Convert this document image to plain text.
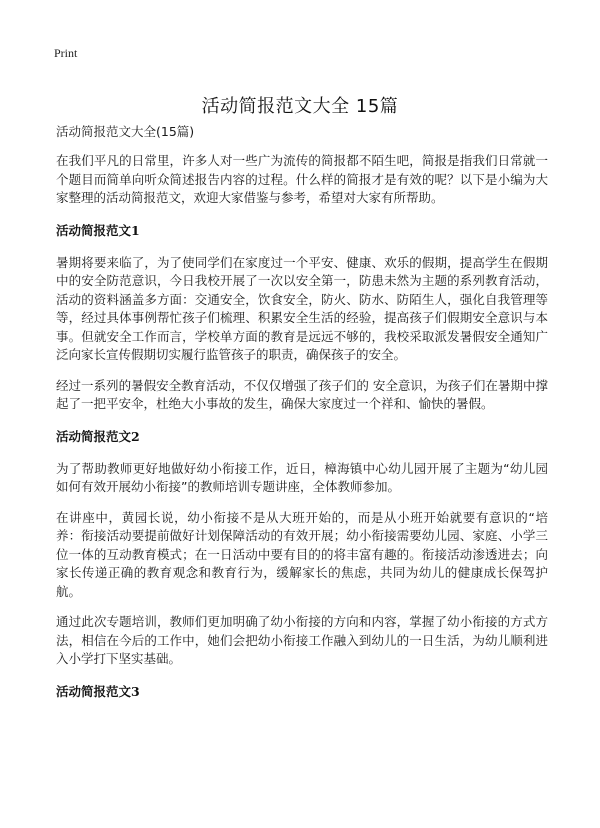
Print
活动简报范文大全 15篇

活动简报范文大全(15篇)

在我们平凡的日常里，许多人对一些广为流传的简报都不陌生吧，简报是指我们日常就一个题目而简单向听众简述报告内容的过程。什么样的简报才是有效的呢？以下是小编为大家整理的活动简报范文，欢迎大家借鉴与参考，希望对大家有所帮助。

活动简报范文1

暑期将要来临了，为了使同学们在家度过一个平安、健康、欢乐的假期，提高学生在假期中的安全防范意识，今日我校开展了一次以安全第一，防患未然为主题的系列教育活动，活动的资料涵盖多方面：交通安全，饮食安全，防火、防水、防陌生人，强化自我管理等等，经过具体事例帮忙孩子们梳理、积累安全生活的经验，提高孩子们假期安全意识与本事。但就安全工作而言，学校单方面的教育是远远不够的，我校采取派发暑假安全通知广泛向家长宣传假期切实履行监管孩子的职责，确保孩子的安全。

经过一系列的暑假安全教育活动，不仅仅增强了孩子们的 安全意识，为孩子们在暑期中撑起了一把平安伞，杜绝大小事故的发生，确保大家度过一个祥和、愉快的暑假。

活动简报范文2

为了帮助教师更好地做好幼小衔接工作，近日，樟海镇中心幼儿园开展了主题为“幼儿园如何有效开展幼小衔接”的教师培训专题讲座，全体教师参加。

在讲座中，黄园长说，幼小衔接不是从大班开始的，而是从小班开始就要有意识的“培养：衔接活动要提前做好计划保障活动的有效开展；幼小衔接需要幼儿园、家庭、小学三位一体的互动教育模式；在一日活动中要有目的的将丰富有趣的。衔接活动渗透进去；向家长传递正确的教育观念和教育行为，缓解家长的焦虑，共同为幼儿的健康成长保驾护航。

通过此次专题培训，教师们更加明确了幼小衔接的方向和内容，掌握了幼小衔接的方式方法，相信在今后的工作中，她们会把幼小衔接工作融入到幼儿的一日生活，为幼儿顺利进入小学打下坚实基础。

活动简报范文3
